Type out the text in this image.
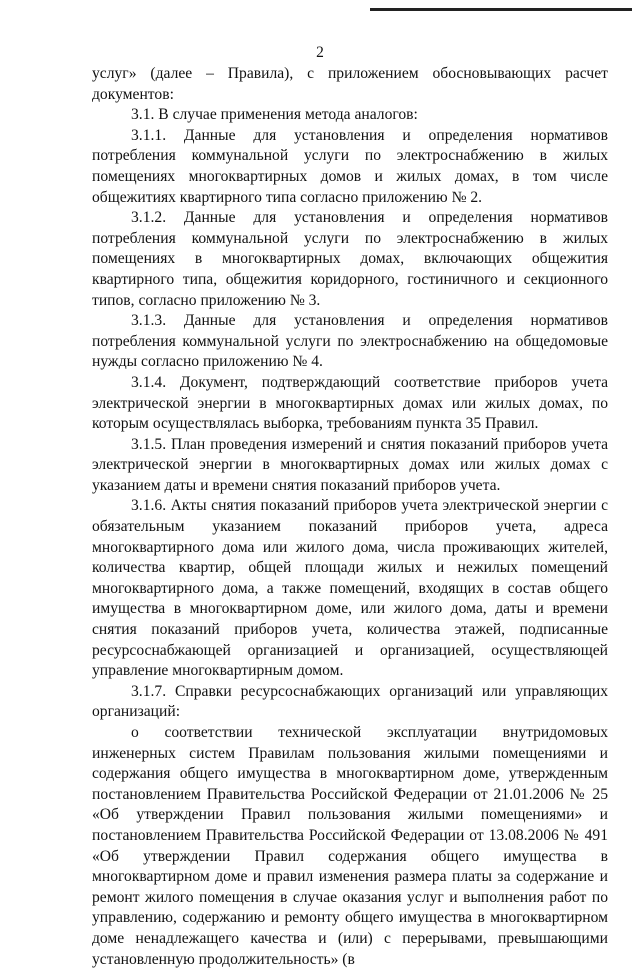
2

услуг» (далее – Правила), с приложением обосновывающих расчет документов:

3.1. В случае применения метода аналогов:

3.1.1. Данные для установления и определения нормативов потребления коммунальной услуги по электроснабжению в жилых помещениях многоквартирных домов и жилых домах, в том числе общежитиях квартирного типа согласно приложению № 2.

3.1.2. Данные для установления и определения нормативов потребления коммунальной услуги по электроснабжению в жилых помещениях в многоквартирных домах, включающих общежития квартирного типа, общежития коридорного, гостиничного и секционного типов, согласно приложению № 3.

3.1.3. Данные для установления и определения нормативов потребления коммунальной услуги по электроснабжению на общедомовые нужды согласно приложению № 4.

3.1.4. Документ, подтверждающий соответствие приборов учета электрической энергии в многоквартирных домах или жилых домах, по которым осуществлялась выборка, требованиям пункта 35 Правил.

3.1.5. План проведения измерений и снятия показаний приборов учета электрической энергии в многоквартирных домах или жилых домах с указанием даты и времени снятия показаний приборов учета.

3.1.6. Акты снятия показаний приборов учета электрической энергии с обязательным указанием показаний приборов учета, адреса многоквартирного дома или жилого дома, числа проживающих жителей, количества квартир, общей площади жилых и нежилых помещений многоквартирного дома, а также помещений, входящих в состав общего имущества в многоквартирном доме, или жилого дома, даты и времени снятия показаний приборов учета, количества этажей, подписанные ресурсоснабжающей организацией и организацией, осуществляющей управление многоквартирным домом.

3.1.7. Справки ресурсоснабжающих организаций или управляющих организаций:

о соответствии технической эксплуатации внутридомовых инженерных систем Правилам пользования жилыми помещениями и содержания общего имущества в многоквартирном доме, утвержденным постановлением Правительства Российской Федерации от 21.01.2006 № 25 «Об утверждении Правил пользования жилыми помещениями» и постановлением Правительства Российской Федерации от 13.08.2006 № 491 «Об утверждении Правил содержания общего имущества в многоквартирном доме и правил изменения размера платы за содержание и ремонт жилого помещения в случае оказания услуг и выполнения работ по управлению, содержанию и ремонту общего имущества в многоквартирном доме ненадлежащего качества и (или) с перерывами, превышающими установленную продолжительность» (в
